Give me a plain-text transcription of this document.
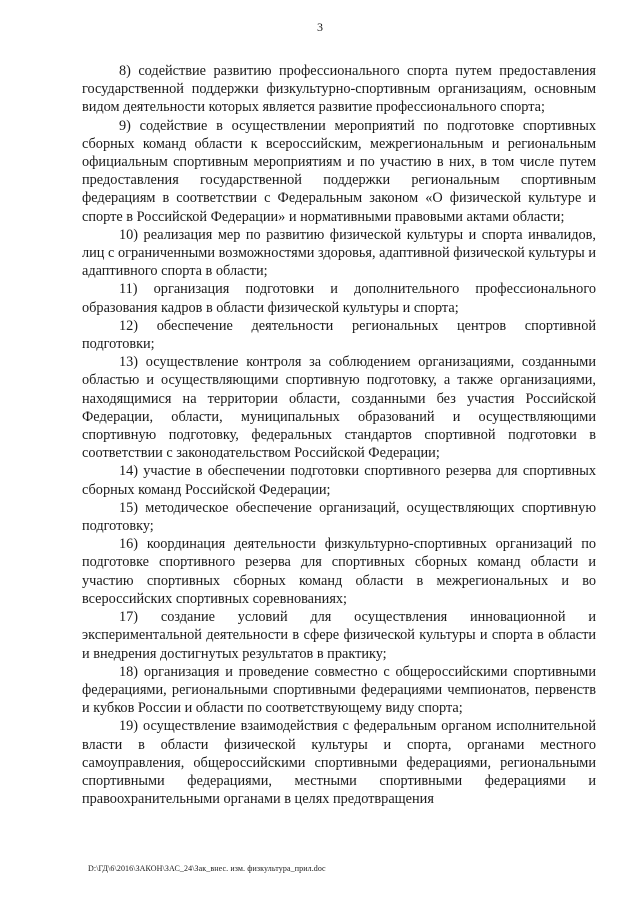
3

8) содействие развитию профессионального спорта путем предоставления государственной поддержки физкультурно-спортивным организациям, основным видом деятельности которых является развитие профессионального спорта;

9) содействие в осуществлении мероприятий по подготовке спортивных сборных команд области к всероссийским, межрегиональным и региональным официальным спортивным мероприятиям и по участию в них, в том числе путем предоставления государственной поддержки региональным спортивным федерациям в соответствии с Федеральным законом «О физической культуре и спорте в Российской Федерации» и нормативными правовыми актами области;

10) реализация мер по развитию физической культуры и спорта инвалидов, лиц с ограниченными возможностями здоровья, адаптивной физической культуры и адаптивного спорта в области;

11) организация подготовки и дополнительного профессионального образования кадров в области физической культуры и спорта;

12) обеспечение деятельности региональных центров спортивной подготовки;

13) осуществление контроля за соблюдением организациями, созданными областью и осуществляющими спортивную подготовку, а также организациями, находящимися на территории области, созданными без участия Российской Федерации, области, муниципальных образований и осуществляющими спортивную подготовку, федеральных стандартов спортивной подготовки в соответствии с законодательством Российской Федерации;

14) участие в обеспечении подготовки спортивного резерва для спортивных сборных команд Российской Федерации;

15) методическое обеспечение организаций, осуществляющих спортивную подготовку;

16) координация деятельности физкультурно-спортивных организаций по подготовке спортивного резерва для спортивных сборных команд области и участию спортивных сборных команд области в межрегиональных и во всероссийских спортивных соревнованиях;

17) создание условий для осуществления инновационной и экспериментальной деятельности в сфере физической культуры и спорта в области и внедрения достигнутых результатов в практику;

18) организация и проведение совместно с общероссийскими спортивными федерациями, региональными спортивными федерациями чемпионатов, первенств и кубков России и области по соответствующему виду спорта;

19) осуществление взаимодействия с федеральным органом исполнительной власти в области физической культуры и спорта, органами местного самоуправления, общероссийскими спортивными федерациями, региональными спортивными федерациями, местными спортивными федерациями и правоохранительными органами в целях предотвращения

D:\ГД\6\2016\ЗАКОН\ЗАС_24\Зак_внес. изм. физкультура_прил.doc
